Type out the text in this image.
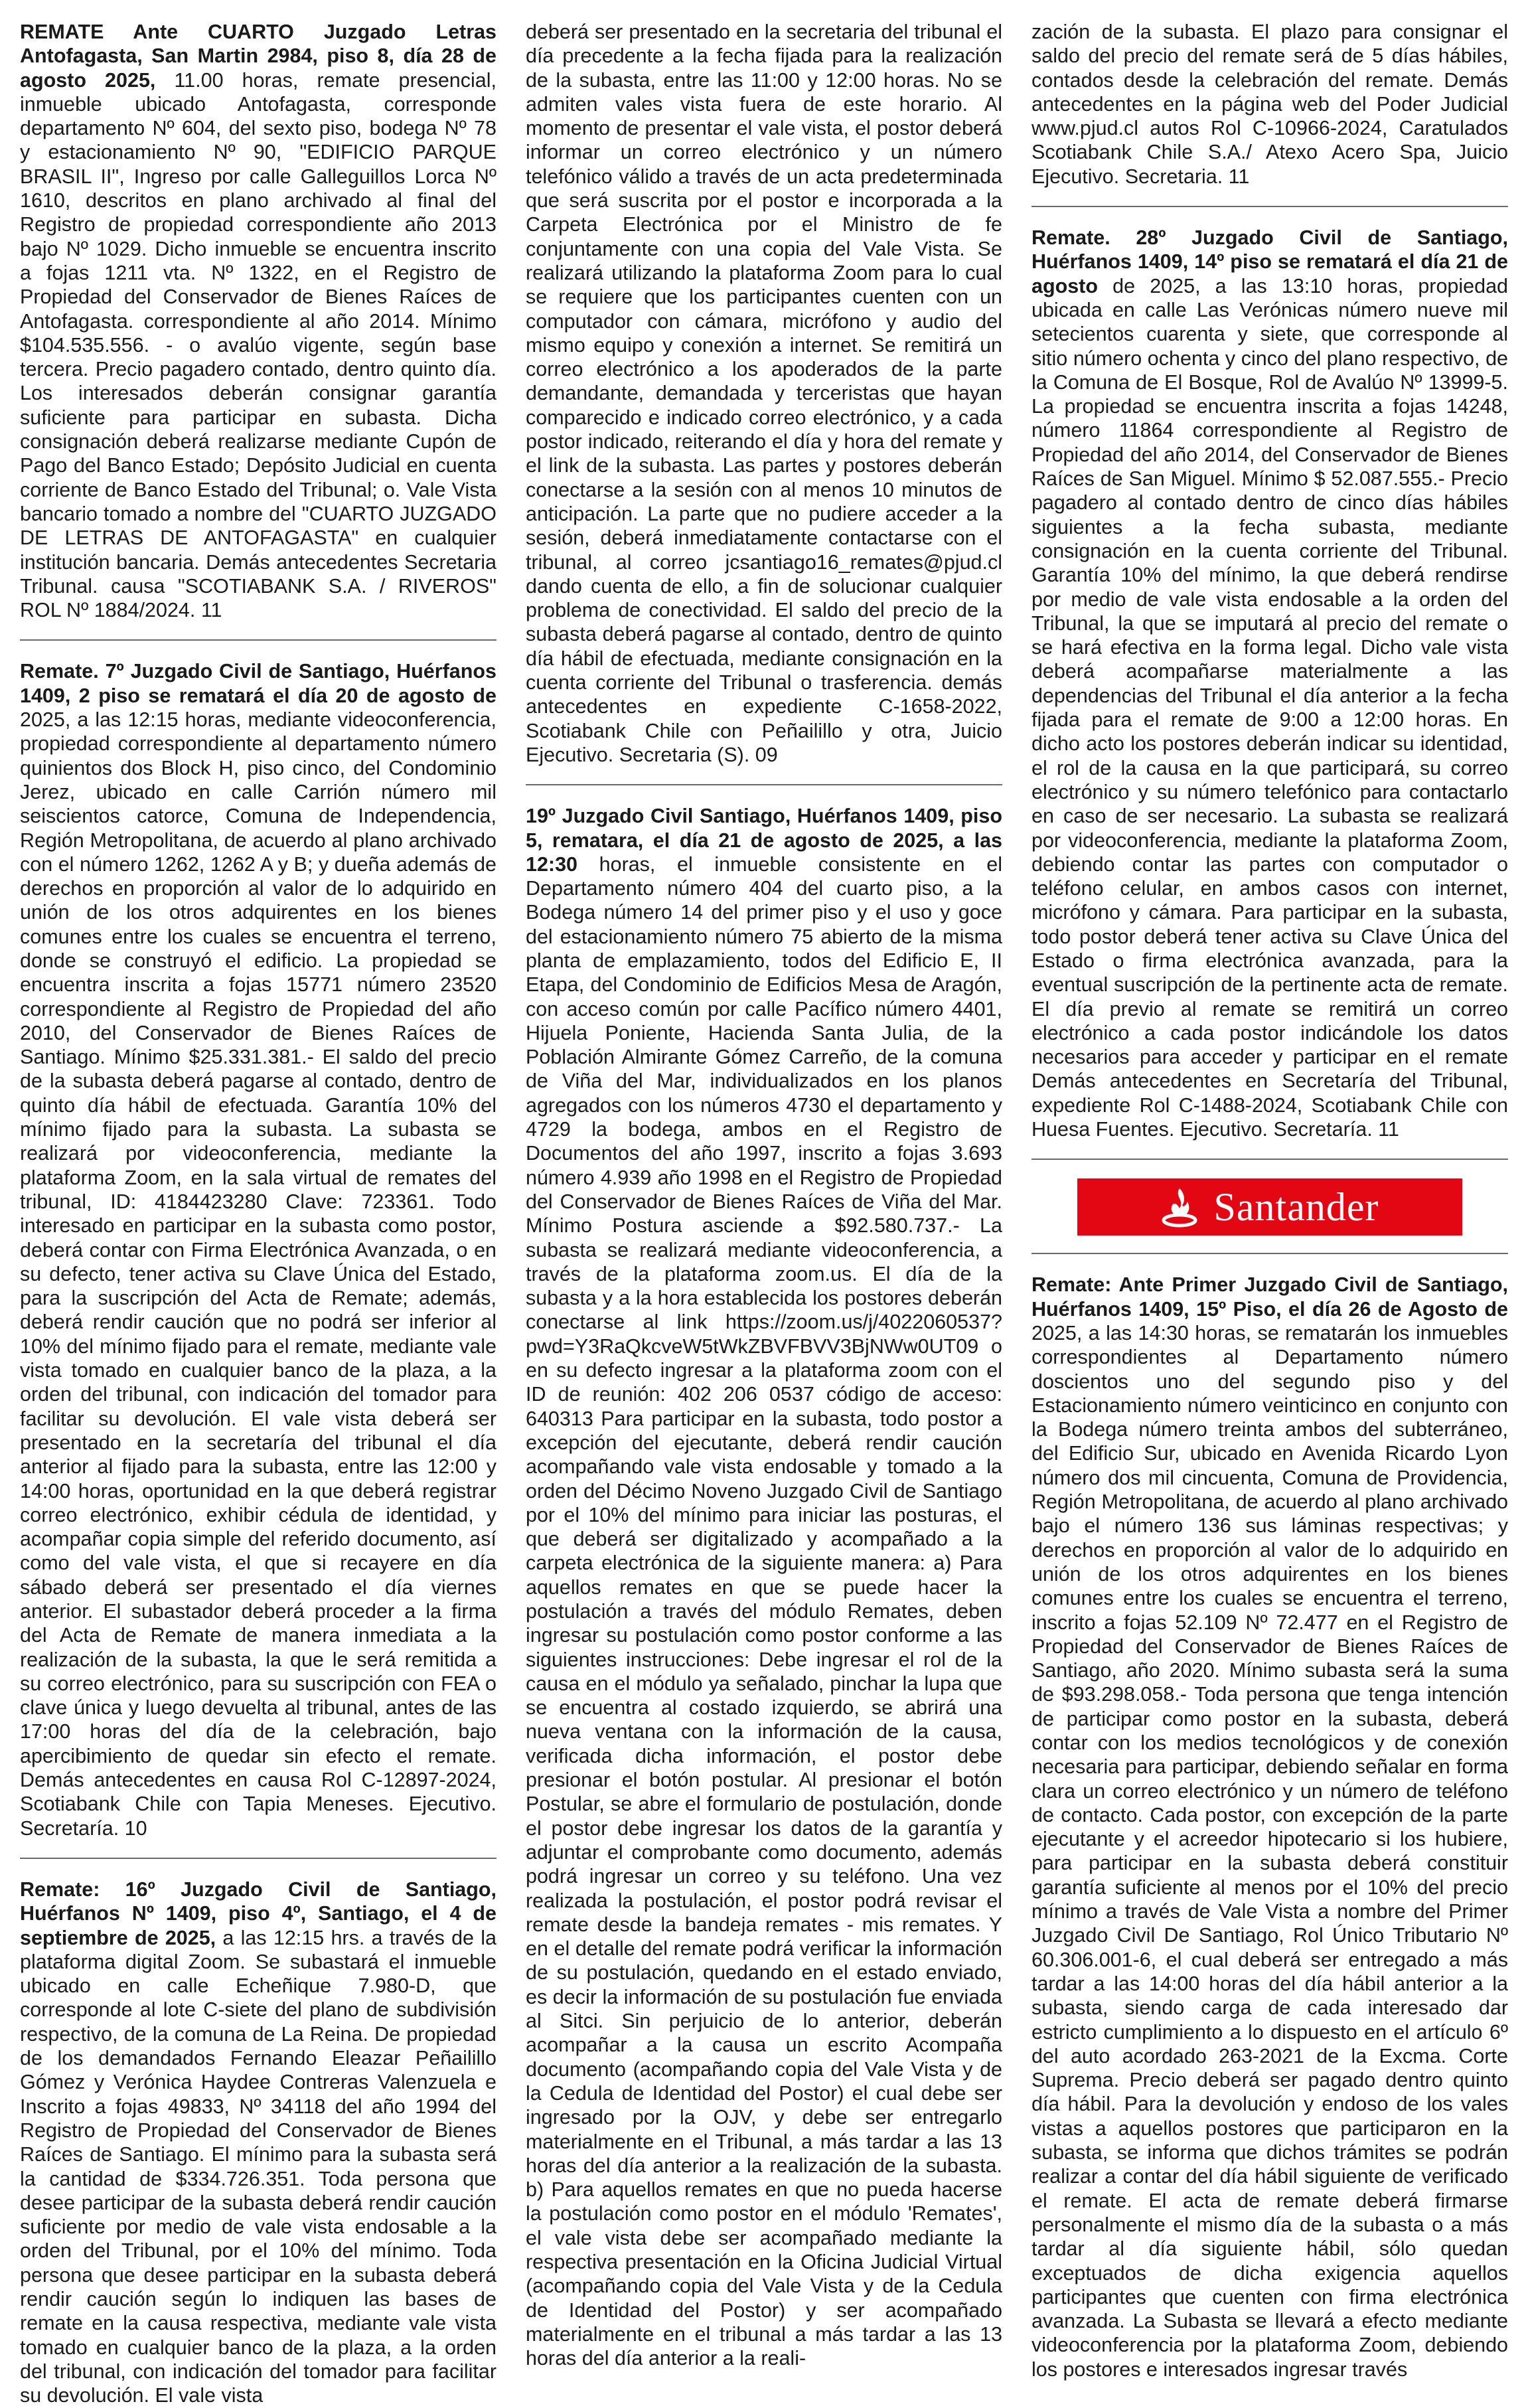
REMATE Ante CUARTO Juzgado Letras Antofagasta, San Martin 2984, piso 8, día 28 de agosto 2025, 11.00 horas, remate presencial, inmueble ubicado Antofagasta, corresponde departamento Nº 604, del sexto piso, bodega Nº 78 y estacionamiento Nº 90, "EDIFICIO PARQUE BRASIL II", Ingreso por calle Galleguillos Lorca Nº 1610, descritos en plano archivado al final del Registro de propiedad correspondiente año 2013 bajo Nº 1029. Dicho inmueble se encuentra inscrito a fojas 1211 vta. Nº 1322, en el Registro de Propiedad del Conservador de Bienes Raíces de Antofagasta. correspondiente al año 2014. Mínimo $104.535.556. - o avalúo vigente, según base tercera. Precio pagadero contado, dentro quinto día. Los interesados deberán consignar garantía suficiente para participar en subasta. Dicha consignación deberá realizarse mediante Cupón de Pago del Banco Estado; Depósito Judicial en cuenta corriente de Banco Estado del Tribunal; o. Vale Vista bancario tomado a nombre del "CUARTO JUZGADO DE LETRAS DE ANTOFAGASTA" en cualquier institución bancaria. Demás antecedentes Secretaria Tribunal. causa "SCOTIABANK S.A. / RIVEROS" ROL Nº 1884/2024. 11

Remate. 7º Juzgado Civil de Santiago, Huérfanos 1409, 2 piso se rematará el día 20 de agosto de 2025, a las 12:15 horas, mediante videoconferencia, propiedad correspondiente al departamento número quinientos dos Block H, piso cinco, del Condominio Jerez, ubicado en calle Carrión número mil seiscientos catorce, Comuna de Independencia, Región Metropolitana, de acuerdo al plano archivado con el número 1262, 1262 A y B; y dueña además de derechos en proporción al valor de lo adquirido en unión de los otros adquirentes en los bienes comunes entre los cuales se encuentra el terreno, donde se construyó el edificio. La propiedad se encuentra inscrita a fojas 15771 número 23520 correspondiente al Registro de Propiedad del año 2010, del Conservador de Bienes Raíces de Santiago. Mínimo $25.331.381.- El saldo del precio de la subasta deberá pagarse al contado, dentro de quinto día hábil de efectuada. Garantía 10% del mínimo fijado para la subasta. La subasta se realizará por videoconferencia, mediante la plataforma Zoom, en la sala virtual de remates del tribunal, ID: 4184423280 Clave: 723361. Todo interesado en participar en la subasta como postor, deberá contar con Firma Electrónica Avanzada, o en su defecto, tener activa su Clave Única del Estado, para la suscripción del Acta de Remate; además, deberá rendir caución que no podrá ser inferior al 10% del mínimo fijado para el remate, mediante vale vista tomado en cualquier banco de la plaza, a la orden del tribunal, con indicación del tomador para facilitar su devolución. El vale vista deberá ser presentado en la secretaría del tribunal el día anterior al fijado para la subasta, entre las 12:00 y 14:00 horas, oportunidad en la que deberá registrar correo electrónico, exhibir cédula de identidad, y acompañar copia simple del referido documento, así como del vale vista, el que si recayere en día sábado deberá ser presentado el día viernes anterior. El subastador deberá proceder a la firma del Acta de Remate de manera inmediata a la realización de la subasta, la que le será remitida a su correo electrónico, para su suscripción con FEA o clave única y luego devuelta al tribunal, antes de las 17:00 horas del día de la celebración, bajo apercibimiento de quedar sin efecto el remate. Demás antecedentes en causa Rol C-12897-2024, Scotiabank Chile con Tapia Meneses. Ejecutivo. Secretaría. 10

Remate: 16º Juzgado Civil de Santiago, Huérfanos Nº 1409, piso 4º, Santiago, el 4 de septiembre de 2025, a las 12:15 hrs. a través de la plataforma digital Zoom. Se subastará el inmueble ubicado en calle Echeñique 7.980-D, que corresponde al lote C-siete del plano de subdivisión respectivo, de la comuna de La Reina. De propiedad de los demandados Fernando Eleazar Peñailillo Gómez y Verónica Haydee Contreras Valenzuela e Inscrito a fojas 49833, Nº 34118 del año 1994 del Registro de Propiedad del Conservador de Bienes Raíces de Santiago. El mínimo para la subasta será la cantidad de $334.726.351. Toda persona que desee participar de la subasta deberá rendir caución suficiente por medio de vale vista endosable a la orden del Tribunal, por el 10% del mínimo. Toda persona que desee participar en la subasta deberá rendir caución según lo indiquen las bases de remate en la causa respectiva, mediante vale vista tomado en cualquier banco de la plaza, a la orden del tribunal, con indicación del tomador para facilitar su devolución. El vale vista

deberá ser presentado en la secretaria del tribunal el día precedente a la fecha fijada para la realización de la subasta, entre las 11:00 y 12:00 horas. No se admiten vales vista fuera de este horario. Al momento de presentar el vale vista, el postor deberá informar un correo electrónico y un número telefónico válido a través de un acta predeterminada que será suscrita por el postor e incorporada a la Carpeta Electrónica por el Ministro de fe conjuntamente con una copia del Vale Vista. Se realizará utilizando la plataforma Zoom para lo cual se requiere que los participantes cuenten con un computador con cámara, micrófono y audio del mismo equipo y conexión a internet. Se remitirá un correo electrónico a los apoderados de la parte demandante, demandada y terceristas que hayan comparecido e indicado correo electrónico, y a cada postor indicado, reiterando el día y hora del remate y el link de la subasta. Las partes y postores deberán conectarse a la sesión con al menos 10 minutos de anticipación. La parte que no pudiere acceder a la sesión, deberá inmediatamente contactarse con el tribunal, al correo jcsantiago16_remates@pjud.cl dando cuenta de ello, a fin de solucionar cualquier problema de conectividad. El saldo del precio de la subasta deberá pagarse al contado, dentro de quinto día hábil de efectuada, mediante consignación en la cuenta corriente del Tribunal o trasferencia. demás antecedentes en expediente C-1658-2022, Scotiabank Chile con Peñailillo y otra, Juicio Ejecutivo. Secretaria (S). 09

19º Juzgado Civil Santiago, Huérfanos 1409, piso 5, rematara, el día 21 de agosto de 2025, a las 12:30 horas, el inmueble consistente en el Departamento número 404 del cuarto piso, a la Bodega número 14 del primer piso y el uso y goce del estacionamiento número 75 abierto de la misma planta de emplazamiento, todos del Edificio E, II Etapa, del Condominio de Edificios Mesa de Aragón, con acceso común por calle Pacífico número 4401, Hijuela Poniente, Hacienda Santa Julia, de la Población Almirante Gómez Carreño, de la comuna de Viña del Mar, individualizados en los planos agregados con los números 4730 el departamento y 4729 la bodega, ambos en el Registro de Documentos del año 1997, inscrito a fojas 3.693 número 4.939 año 1998 en el Registro de Propiedad del Conservador de Bienes Raíces de Viña del Mar. Mínimo Postura asciende a $92.580.737.- La subasta se realizará mediante videoconferencia, a través de la plataforma zoom.us. El día de la subasta y a la hora establecida los postores deberán conectarse al link https://zoom.us/j/4022060537?pwd=Y3RaQkcveW5tWkZBVFBVV3BjNWw0UT09 o en su defecto ingresar a la plataforma zoom con el ID de reunión: 402 206 0537 código de acceso: 640313 Para participar en la subasta, todo postor a excepción del ejecutante, deberá rendir caución acompañando vale vista endosable y tomado a la orden del Décimo Noveno Juzgado Civil de Santiago por el 10% del mínimo para iniciar las posturas, el que deberá ser digitalizado y acompañado a la carpeta electrónica de la siguiente manera: a) Para aquellos remates en que se puede hacer la postulación a través del módulo Remates, deben ingresar su postulación como postor conforme a las siguientes instrucciones: Debe ingresar el rol de la causa en el módulo ya señalado, pinchar la lupa que se encuentra al costado izquierdo, se abrirá una nueva ventana con la información de la causa, verificada dicha información, el postor debe presionar el botón postular. Al presionar el botón Postular, se abre el formulario de postulación, donde el postor debe ingresar los datos de la garantía y adjuntar el comprobante como documento, además podrá ingresar un correo y su teléfono. Una vez realizada la postulación, el postor podrá revisar el remate desde la bandeja remates - mis remates. Y en el detalle del remate podrá verificar la información de su postulación, quedando en el estado enviado, es decir la información de su postulación fue enviada al Sitci. Sin perjuicio de lo anterior, deberán acompañar a la causa un escrito Acompaña documento (acompañando copia del Vale Vista y de la Cedula de Identidad del Postor) el cual debe ser ingresado por la OJV, y debe ser entregarlo materialmente en el Tribunal, a más tardar a las 13 horas del día anterior a la realización de la subasta. b) Para aquellos remates en que no pueda hacerse la postulación como postor en el módulo 'Remates', el vale vista debe ser acompañado mediante la respectiva presentación en la Oficina Judicial Virtual (acompañando copia del Vale Vista y de la Cedula de Identidad del Postor) y ser acompañado materialmente en el tribunal a más tardar a las 13 horas del día anterior a la reali-

zación de la subasta. El plazo para consignar el saldo del precio del remate será de 5 días hábiles, contados desde la celebración del remate. Demás antecedentes en la página web del Poder Judicial www.pjud.cl autos Rol C-10966-2024, Caratulados Scotiabank Chile S.A./ Atexo Acero Spa, Juicio Ejecutivo. Secretaria. 11

Remate. 28º Juzgado Civil de Santiago, Huérfanos 1409, 14º piso se rematará el día 21 de agosto de 2025, a las 13:10 horas, propiedad ubicada en calle Las Verónicas número nueve mil setecientos cuarenta y siete, que corresponde al sitio número ochenta y cinco del plano respectivo, de la Comuna de El Bosque, Rol de Avalúo Nº 13999-5. La propiedad se encuentra inscrita a fojas 14248, número 11864 correspondiente al Registro de Propiedad del año 2014, del Conservador de Bienes Raíces de San Miguel. Mínimo $ 52.087.555.- Precio pagadero al contado dentro de cinco días hábiles siguientes a la fecha subasta, mediante consignación en la cuenta corriente del Tribunal. Garantía 10% del mínimo, la que deberá rendirse por medio de vale vista endosable a la orden del Tribunal, la que se imputará al precio del remate o se hará efectiva en la forma legal. Dicho vale vista deberá acompañarse materialmente a las dependencias del Tribunal el día anterior a la fecha fijada para el remate de 9:00 a 12:00 horas. En dicho acto los postores deberán indicar su identidad, el rol de la causa en la que participará, su correo electrónico y su número telefónico para contactarlo en caso de ser necesario. La subasta se realizará por videoconferencia, mediante la plataforma Zoom, debiendo contar las partes con computador o teléfono celular, en ambos casos con internet, micrófono y cámara. Para participar en la subasta, todo postor deberá tener activa su Clave Única del Estado o firma electrónica avanzada, para la eventual suscripción de la pertinente acta de remate. El día previo al remate se remitirá un correo electrónico a cada postor indicándole los datos necesarios para acceder y participar en el remate Demás antecedentes en Secretaría del Tribunal, expediente Rol C-1488-2024, Scotiabank Chile con Huesa Fuentes. Ejecutivo. Secretaría. 11

Santander

Remate: Ante Primer Juzgado Civil de Santiago, Huérfanos 1409, 15º Piso, el día 26 de Agosto de 2025, a las 14:30 horas, se rematarán los inmuebles correspondientes al Departamento número doscientos uno del segundo piso y del Estacionamiento número veinticinco en conjunto con la Bodega número treinta ambos del subterráneo, del Edificio Sur, ubicado en Avenida Ricardo Lyon número dos mil cincuenta, Comuna de Providencia, Región Metropolitana, de acuerdo al plano archivado bajo el número 136 sus láminas respectivas; y derechos en proporción al valor de lo adquirido en unión de los otros adquirentes en los bienes comunes entre los cuales se encuentra el terreno, inscrito a fojas 52.109 Nº 72.477 en el Registro de Propiedad del Conservador de Bienes Raíces de Santiago, año 2020. Mínimo subasta será la suma de $93.298.058.- Toda persona que tenga intención de participar como postor en la subasta, deberá contar con los medios tecnológicos y de conexión necesaria para participar, debiendo señalar en forma clara un correo electrónico y un número de teléfono de contacto. Cada postor, con excepción de la parte ejecutante y el acreedor hipotecario si los hubiere, para participar en la subasta deberá constituir garantía suficiente al menos por el 10% del precio mínimo a través de Vale Vista a nombre del Primer Juzgado Civil De Santiago, Rol Único Tributario Nº 60.306.001-6, el cual deberá ser entregado a más tardar a las 14:00 horas del día hábil anterior a la subasta, siendo carga de cada interesado dar estricto cumplimiento a lo dispuesto en el artículo 6º del auto acordado 263-2021 de la Excma. Corte Suprema. Precio deberá ser pagado dentro quinto día hábil. Para la devolución y endoso de los vales vistas a aquellos postores que participaron en la subasta, se informa que dichos trámites se podrán realizar a contar del día hábil siguiente de verificado el remate. El acta de remate deberá firmarse personalmente el mismo día de la subasta o a más tardar al día siguiente hábil, sólo quedan exceptuados de dicha exigencia aquellos participantes que cuenten con firma electrónica avanzada. La Subasta se llevará a efecto mediante videoconferencia por la plataforma Zoom, debiendo los postores e interesados ingresar través
